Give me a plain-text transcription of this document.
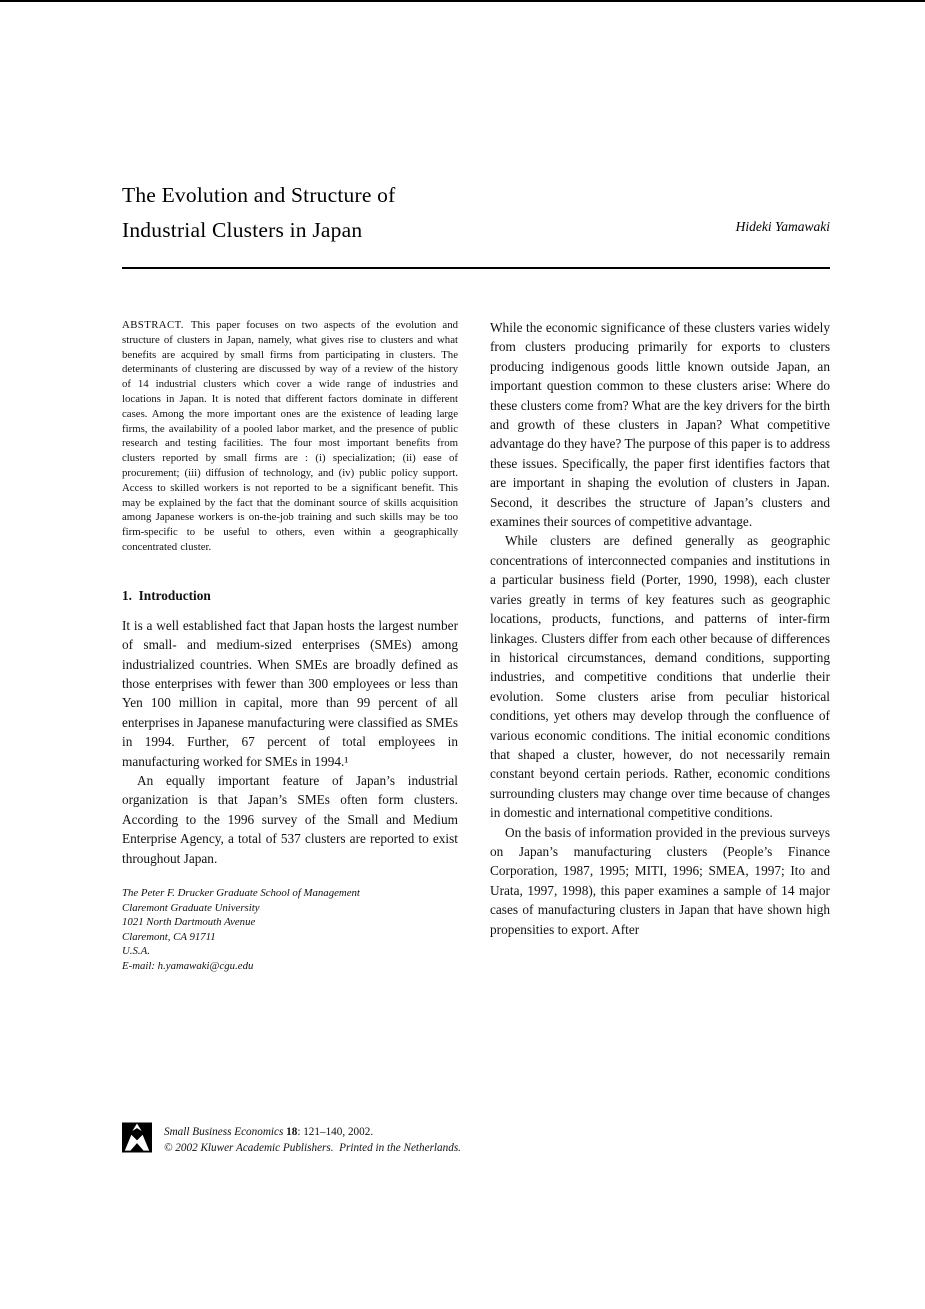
The Evolution and Structure of
Industrial Clusters in Japan	Hideki Yamawaki
ABSTRACT. This paper focuses on two aspects of the evolution and structure of clusters in Japan, namely, what gives rise to clusters and what benefits are acquired by small firms from participating in clusters. The determinants of clustering are discussed by way of a review of the history of 14 industrial clusters which cover a wide range of industries and locations in Japan. It is noted that different factors dominate in different cases. Among the more important ones are the existence of leading large firms, the availability of a pooled labor market, and the presence of public research and testing facilities. The four most important benefits from clusters reported by small firms are : (i) specialization; (ii) ease of procurement; (iii) diffusion of technology, and (iv) public policy support. Access to skilled workers is not reported to be a significant benefit. This may be explained by the fact that the dominant source of skills acquisition among Japanese workers is on-the-job training and such skills may be too firm-specific to be useful to others, even within a geographically concentrated cluster.
1.  Introduction

It is a well established fact that Japan hosts the largest number of small- and medium-sized enterprises (SMEs) among industrialized countries. When SMEs are broadly defined as those enterprises with fewer than 300 employees or less than Yen 100 million in capital, more than 99 percent of all enterprises in Japanese manufacturing were classified as SMEs in 1994. Further, 67 percent of total employees in manufacturing worked for SMEs in 1994.¹

An equally important feature of Japan’s industrial organization is that Japan’s SMEs often form clusters. According to the 1996 survey of the Small and Medium Enterprise Agency, a total of 537 clusters are reported to exist throughout Japan.

The Peter F. Drucker Graduate School of Management
Claremont Graduate University
1021 North Dartmouth Avenue
Claremont, CA 91711
U.S.A.
E-mail: h.yamawaki@cgu.edu

While the economic significance of these clusters varies widely from clusters producing primarily for exports to clusters producing indigenous goods little known outside Japan, an important question common to these clusters arise: Where do these clusters come from? What are the key drivers for the birth and growth of these clusters in Japan? What competitive advantage do they have? The purpose of this paper is to address these issues. Specifically, the paper first identifies factors that are important in shaping the evolution of clusters in Japan. Second, it describes the structure of Japan’s clusters and examines their sources of competitive advantage.

While clusters are defined generally as geographic concentrations of interconnected companies and institutions in a particular business field (Porter, 1990, 1998), each cluster varies greatly in terms of key features such as geographic locations, products, functions, and patterns of inter-firm linkages. Clusters differ from each other because of differences in historical circumstances, demand conditions, supporting industries, and competitive conditions that underlie their evolution. Some clusters arise from peculiar historical conditions, yet others may develop through the confluence of various economic conditions. The initial economic conditions that shaped a cluster, however, do not necessarily remain constant beyond certain periods. Rather, economic conditions surrounding clusters may change over time because of changes in domestic and international competitive conditions.

On the basis of information provided in the previous surveys on Japan’s manufacturing clusters (People’s Finance Corporation, 1987, 1995; MITI, 1996; SMEA, 1997; Ito and Urata, 1997, 1998), this paper examines a sample of 14 major cases of manufacturing clusters in Japan that have shown high propensities to export. After

Small Business Economics 18: 121–140, 2002.
© 2002 Kluwer Academic Publishers.  Printed in the Netherlands.
